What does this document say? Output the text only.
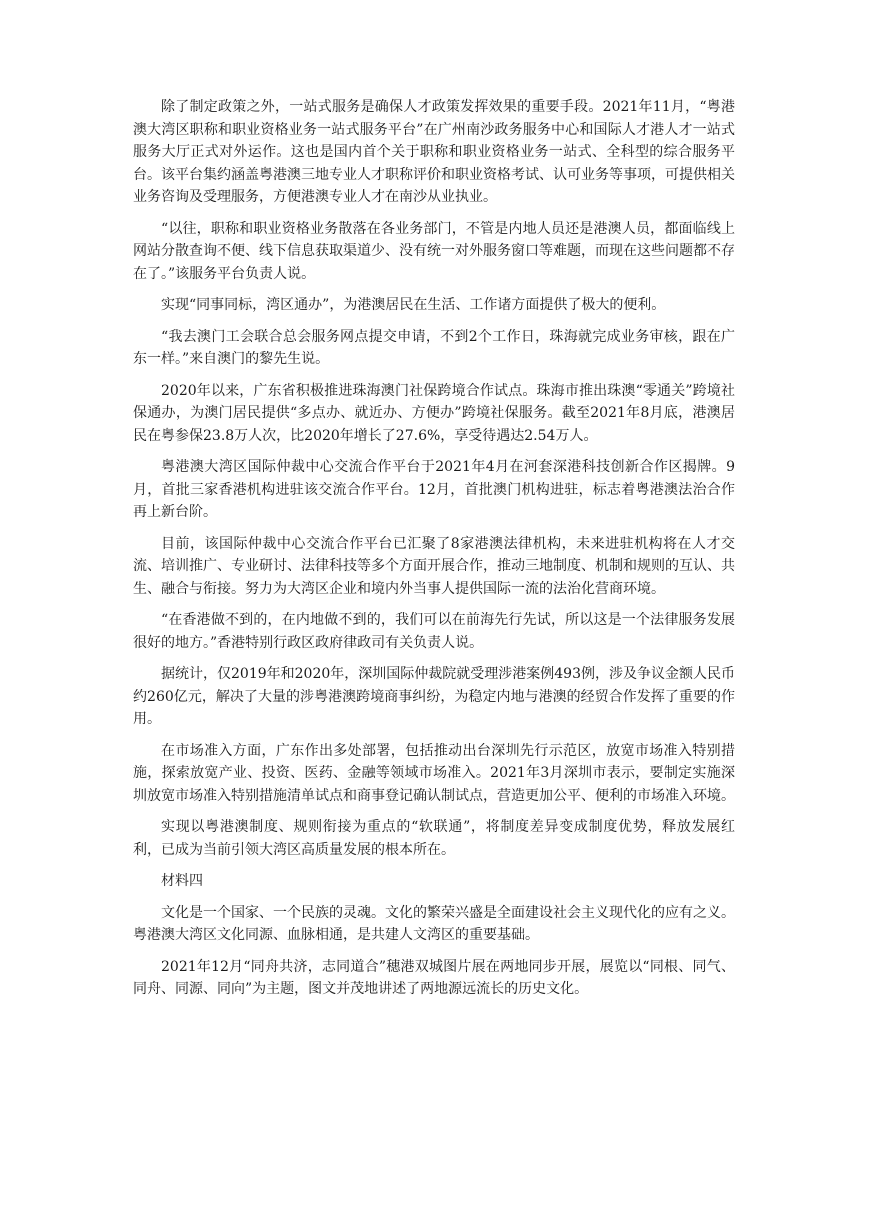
除了制定政策之外，一站式服务是确保人才政策发挥效果的重要手段。2021年11月，“粤港澳大湾区职称和职业资格业务一站式服务平台”在广州南沙政务服务中心和国际人才港人才一站式服务大厅正式对外运作。这也是国内首个关于职称和职业资格业务一站式、全科型的综合服务平台。该平台集约涵盖粤港澳三地专业人才职称评价和职业资格考试、认可业务等事项，可提供相关业务咨询及受理服务，方便港澳专业人才在南沙从业执业。

“以往，职称和职业资格业务散落在各业务部门，不管是内地人员还是港澳人员，都面临线上网站分散查询不便、线下信息获取渠道少、没有统一对外服务窗口等难题，而现在这些问题都不存在了。”该服务平台负责人说。

实现“同事同标，湾区通办”，为港澳居民在生活、工作诸方面提供了极大的便利。

“我去澳门工会联合总会服务网点提交申请，不到2个工作日，珠海就完成业务审核，跟在广东一样。”来自澳门的黎先生说。

2020年以来，广东省积极推进珠海澳门社保跨境合作试点。珠海市推出珠澳“零通关”跨境社保通办，为澳门居民提供“多点办、就近办、方便办”跨境社保服务。截至2021年8月底，港澳居民在粤参保23.8万人次，比2020年增长了27.6%，享受待遇达2.54万人。

粤港澳大湾区国际仲裁中心交流合作平台于2021年4月在河套深港科技创新合作区揭牌。9月，首批三家香港机构进驻该交流合作平台。12月，首批澳门机构进驻，标志着粤港澳法治合作再上新台阶。

目前，该国际仲裁中心交流合作平台已汇聚了8家港澳法律机构，未来进驻机构将在人才交流、培训推广、专业研讨、法律科技等多个方面开展合作，推动三地制度、机制和规则的互认、共生、融合与衔接。努力为大湾区企业和境内外当事人提供国际一流的法治化营商环境。

“在香港做不到的，在内地做不到的，我们可以在前海先行先试，所以这是一个法律服务发展很好的地方。”香港特别行政区政府律政司有关负责人说。

据统计，仅2019年和2020年，深圳国际仲裁院就受理涉港案例493例，涉及争议金额人民币约260亿元，解决了大量的涉粤港澳跨境商事纠纷，为稳定内地与港澳的经贸合作发挥了重要的作用。

在市场准入方面，广东作出多处部署，包括推动出台深圳先行示范区，放宽市场准入特别措施，探索放宽产业、投资、医药、金融等领域市场准入。2021年3月深圳市表示，要制定实施深圳放宽市场准入特别措施清单试点和商事登记确认制试点，营造更加公平、便利的市场准入环境。

实现以粤港澳制度、规则衔接为重点的“软联通”，将制度差异变成制度优势，释放发展红利，已成为当前引领大湾区高质量发展的根本所在。

材料四

文化是一个国家、一个民族的灵魂。文化的繁荣兴盛是全面建设社会主义现代化的应有之义。粤港澳大湾区文化同源、血脉相通，是共建人文湾区的重要基础。

2021年12月“同舟共济，志同道合”穗港双城图片展在两地同步开展，展览以“同根、同气、同舟、同源、同向”为主题，图文并茂地讲述了两地源远流长的历史文化。
